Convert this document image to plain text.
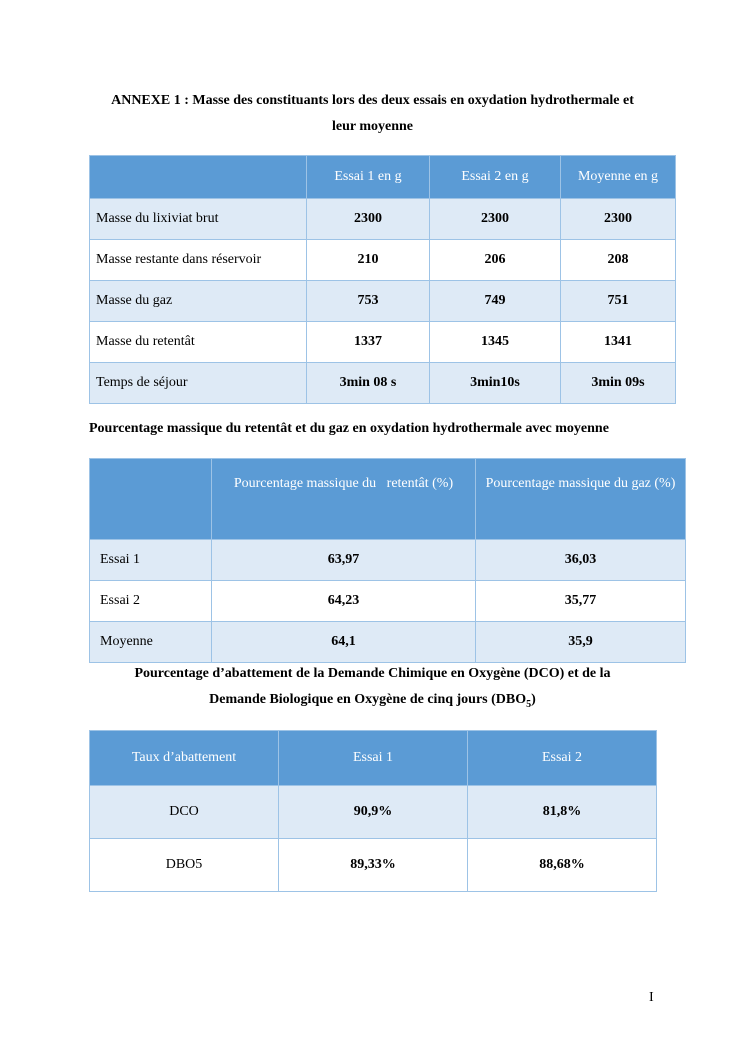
ANNEXE 1 : Masse des constituants lors des deux essais en oxydation hydrothermale et
leur moyenne
	Essai 1 en g	Essai 2 en g	Moyenne en g
Masse du lixiviat brut	2300	2300	2300
Masse restante dans réservoir	210	206	208
Masse du gaz	753	749	751
Masse du retentât	1337	1345	1341
Temps de séjour	3min 08 s	3min10s	3min 09s
Pourcentage massique du retentât et du gaz en oxydation hydrothermale avec moyenne
	Pourcentage massique du   retentât (%)	Pourcentage massique du gaz (%)
Essai 1	63,97	36,03
Essai 2	64,23	35,77
Moyenne	64,1	35,9
Pourcentage d’abattement de la Demande Chimique en Oxygène (DCO) et de la
Demande Biologique en Oxygène de cinq jours $(DBO_5)$
Taux d’abattement	Essai 1	Essai 2
DCO	90,9%	81,8%
DBO5	89,33%	88,68%
I
